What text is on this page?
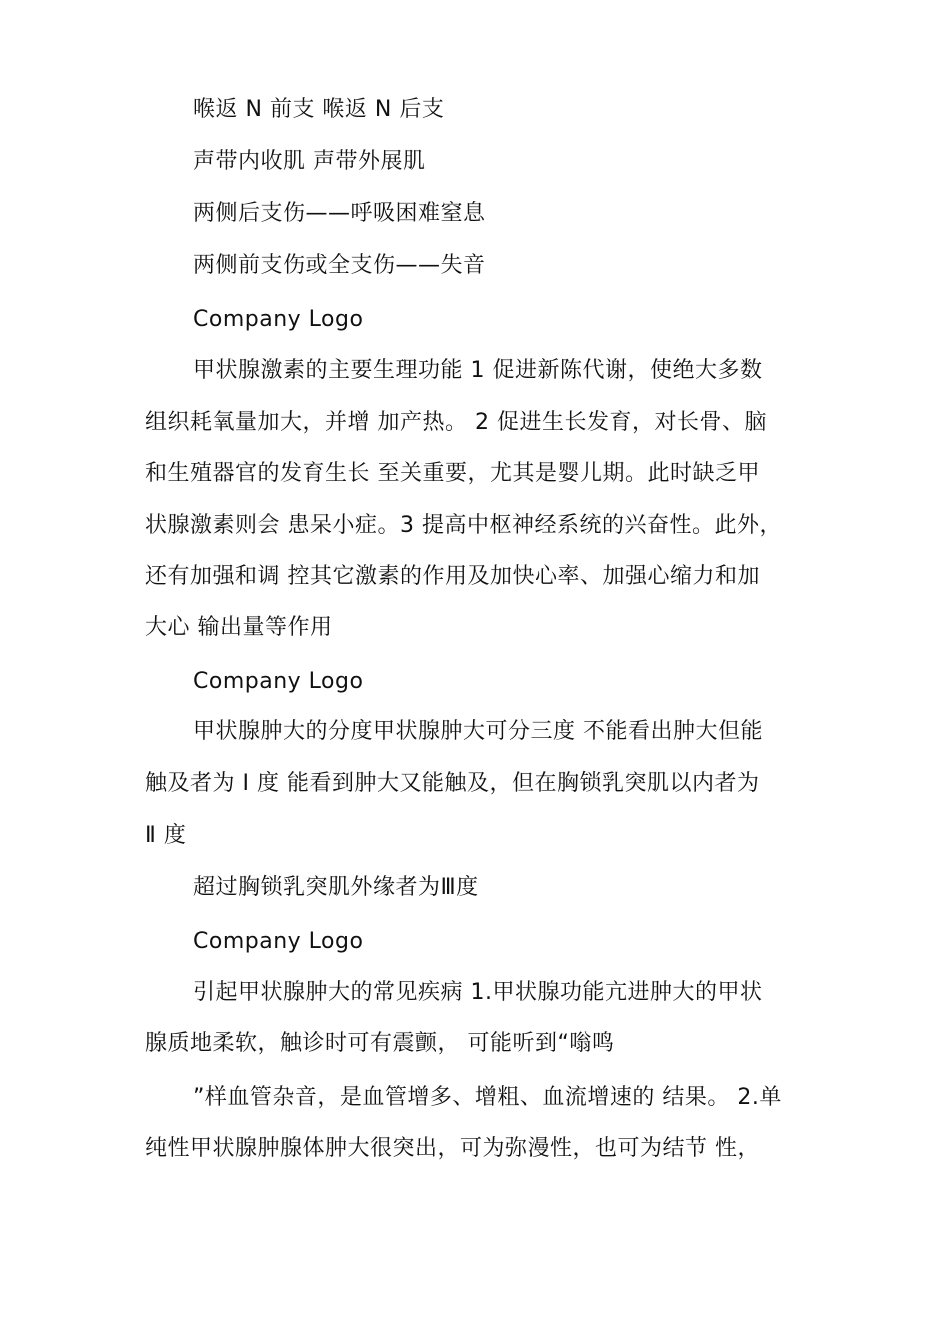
喉返 N 前支 喉返 N 后支
声带内收肌 声带外展肌
两侧后支伤——呼吸困难窒息
两侧前支伤或全支伤——失音
Company Logo
甲状腺激素的主要生理功能 1 促进新陈代谢，使绝大多数
组织耗氧量加大，并增 加产热。 2 促进生长发育，对长骨、脑
和生殖器官的发育生长 至关重要，尤其是婴儿期。此时缺乏甲
状腺激素则会 患呆小症。3 提高中枢神经系统的兴奋性。此外，
还有加强和调 控其它激素的作用及加快心率、加强心缩力和加
大心 输出量等作用
Company Logo
甲状腺肿大的分度甲状腺肿大可分三度 不能看出肿大但能
触及者为 Ⅰ 度 能看到肿大又能触及，但在胸锁乳突肌以内者为
Ⅱ 度
超过胸锁乳突肌外缘者为Ⅲ度
Company Logo
引起甲状腺肿大的常见疾病 1.甲状腺功能亢进肿大的甲状
腺质地柔软，触诊时可有震颤， 可能听到“嗡鸣
”样血管杂音，是血管增多、增粗、血流增速的 结果。 2.单
纯性甲状腺肿腺体肿大很突出，可为弥漫性，也可为结节 性，
